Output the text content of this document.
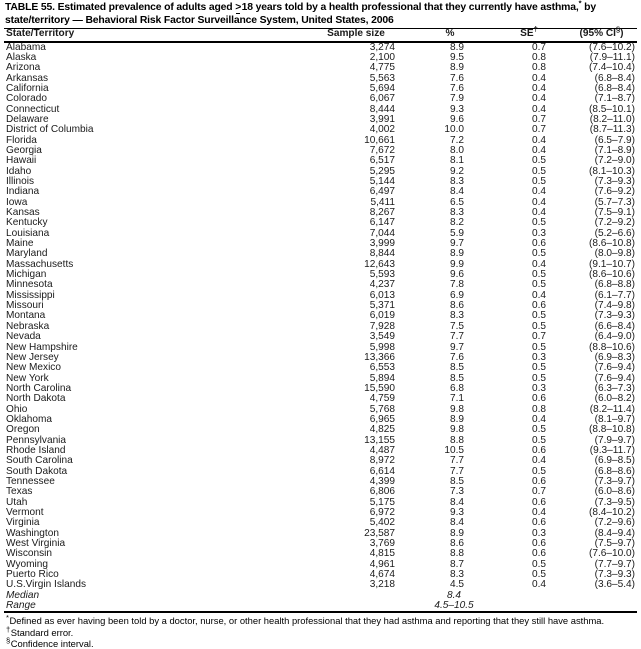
TABLE 55. Estimated prevalence of adults aged >18 years told by a health professional that they currently have asthma,* by state/territory — Behavioral Risk Factor Surveillance System, United States, 2006
State/Territory	Sample size	%	SE†	(95% CI§)
Alabama	3,274	8.9	0.7	(7.6–10.2)
Alaska	2,100	9.5	0.8	(7.9–11.1)
Arizona	4,775	8.9	0.8	(7.4–10.4)
Arkansas	5,563	7.6	0.4	(6.8–8.4)
California	5,694	7.6	0.4	(6.8–8.4)
Colorado	6,067	7.9	0.4	(7.1–8.7)
Connecticut	8,444	9.3	0.4	(8.5–10.1)
Delaware	3,991	9.6	0.7	(8.2–11.0)
District of Columbia	4,002	10.0	0.7	(8.7–11.3)
Florida	10,661	7.2	0.4	(6.5–7.9)
Georgia	7,672	8.0	0.4	(7.1–8.9)
Hawaii	6,517	8.1	0.5	(7.2–9.0)
Idaho	5,295	9.2	0.5	(8.1–10.3)
Illinois	5,144	8.3	0.5	(7.3–9.3)
Indiana	6,497	8.4	0.4	(7.6–9.2)
Iowa	5,411	6.5	0.4	(5.7–7.3)
Kansas	8,267	8.3	0.4	(7.5–9.1)
Kentucky	6,147	8.2	0.5	(7.2–9.2)
Louisiana	7,044	5.9	0.3	(5.2–6.6)
Maine	3,999	9.7	0.6	(8.6–10.8)
Maryland	8,844	8.9	0.5	(8.0–9.8)
Massachusetts	12,643	9.9	0.4	(9.1–10.7)
Michigan	5,593	9.6	0.5	(8.6–10.6)
Minnesota	4,237	7.8	0.5	(6.8–8.8)
Mississippi	6,013	6.9	0.4	(6.1–7.7)
Missouri	5,371	8.6	0.6	(7.4–9.8)
Montana	6,019	8.3	0.5	(7.3–9.3)
Nebraska	7,928	7.5	0.5	(6.6–8.4)
Nevada	3,549	7.7	0.7	(6.4–9.0)
New Hampshire	5,998	9.7	0.5	(8.8–10.6)
New Jersey	13,366	7.6	0.3	(6.9–8.3)
New Mexico	6,553	8.5	0.5	(7.6–9.4)
New York	5,894	8.5	0.5	(7.6–9.4)
North Carolina	15,590	6.8	0.3	(6.3–7.3)
North Dakota	4,759	7.1	0.6	(6.0–8.2)
Ohio	5,768	9.8	0.8	(8.2–11.4)
Oklahoma	6,965	8.9	0.4	(8.1–9.7)
Oregon	4,825	9.8	0.5	(8.8–10.8)
Pennsylvania	13,155	8.8	0.5	(7.9–9.7)
Rhode Island	4,487	10.5	0.6	(9.3–11.7)
South Carolina	8,972	7.7	0.4	(6.9–8.5)
South Dakota	6,614	7.7	0.5	(6.8–8.6)
Tennessee	4,399	8.5	0.6	(7.3–9.7)
Texas	6,806	7.3	0.7	(6.0–8.6)
Utah	5,175	8.4	0.6	(7.3–9.5)
Vermont	6,972	9.3	0.4	(8.4–10.2)
Virginia	5,402	8.4	0.6	(7.2–9.6)
Washington	23,587	8.9	0.3	(8.4–9.4)
West Virginia	3,769	8.6	0.6	(7.5–9.7)
Wisconsin	4,815	8.8	0.6	(7.6–10.0)
Wyoming	4,961	8.7	0.5	(7.7–9.7)
Puerto Rico	4,674	8.3	0.5	(7.3–9.3)
U.S.Virgin Islands	3,218	4.5	0.4	(3.6–5.4)
Median		8.4		
Range		4.5–10.5		
*Defined as ever having been told by a doctor, nurse, or other health professional that they had asthma and reporting that they still have asthma.
†Standard error.
§Confidence interval.
